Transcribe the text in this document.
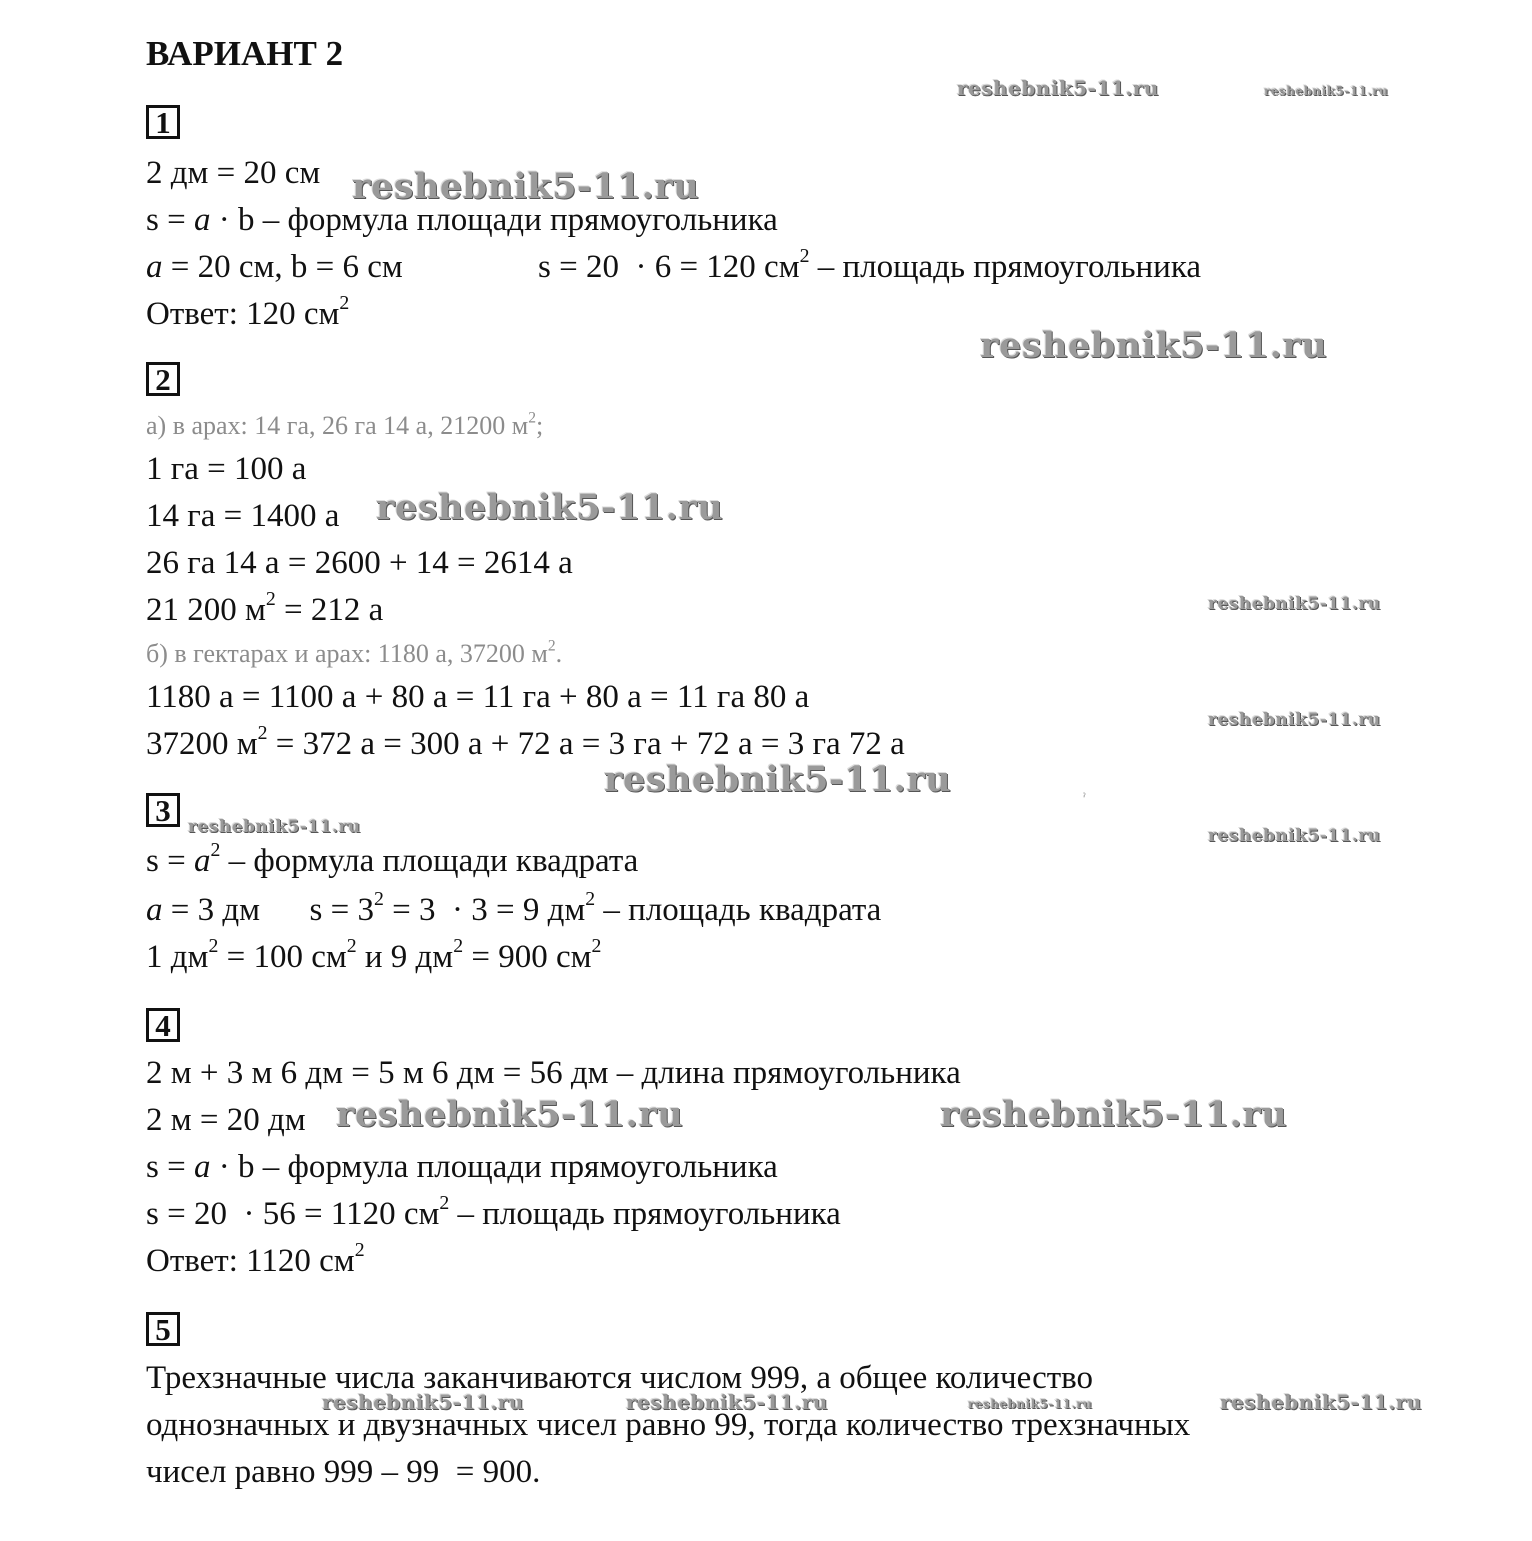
ВАРИАНТ 2
1
2 дм = 20 см
s = a · b – формула площади прямоугольника
a = 20 см, b = 6 см	s = 20  · 6 = 120 $см^2$ – площадь прямоугольника
Ответ: 120 $см^2$
2
а) в арах: 14 га, 26 га 14 а, 21200 $м^2$;
1 га = 100 а
14 га = 1400 а
26 га 14 а = 2600 + 14 = 2614 а
21 200 $м^2 = 212$ а
б) в гектарах и арах: 1180 а, 37200 $м^2$.
1180 а = 1100 а + 80 а = 11 га + 80 а = 11 га 80 а
37200 $м^2 = 372$ а = 300 а + 72 а = 3 га + 72 а = 3 га 72 а
3
$s = a^2$ – формула площади квадрата
a = 3 дм      $s = 3^2 = 3 \cdot 3 = 9$ $дм^2$ – площадь квадрата
1 $дм^2 = 100$ $см^2$ и 9 $дм^2 = 900$ $см^2$
4
2 м + 3 м 6 дм = 5 м 6 дм = 56 дм – длина прямоугольника
2 м = 20 дм
s = a · b – формула площади прямоугольника
s = 20  · 56 = 1120 $см^2$ – площадь прямоугольника
Ответ: 1120 $см^2$
5
Трехзначные числа заканчиваются числом 999, а общее количество
однозначных и двузначных чисел равно 99, тогда количество трехзначных
чисел равно 999 – 99  = 900.
reshebnik5-11.ru	reshebnik5-11.ru
reshebnik5-11.ru
reshebnik5-11.ru
reshebnik5-11.ru
reshebnik5-11.ru
reshebnik5-11.ru
reshebnik5-11.ru
reshebnik5-11.ru	reshebnik5-11.ru
reshebnik5-11.ru	reshebnik5-11.ru
reshebnik5-11.ru	reshebnik5-11.ru	reshebnik5-11.ru	reshebnik5-11.ru
ˀ
